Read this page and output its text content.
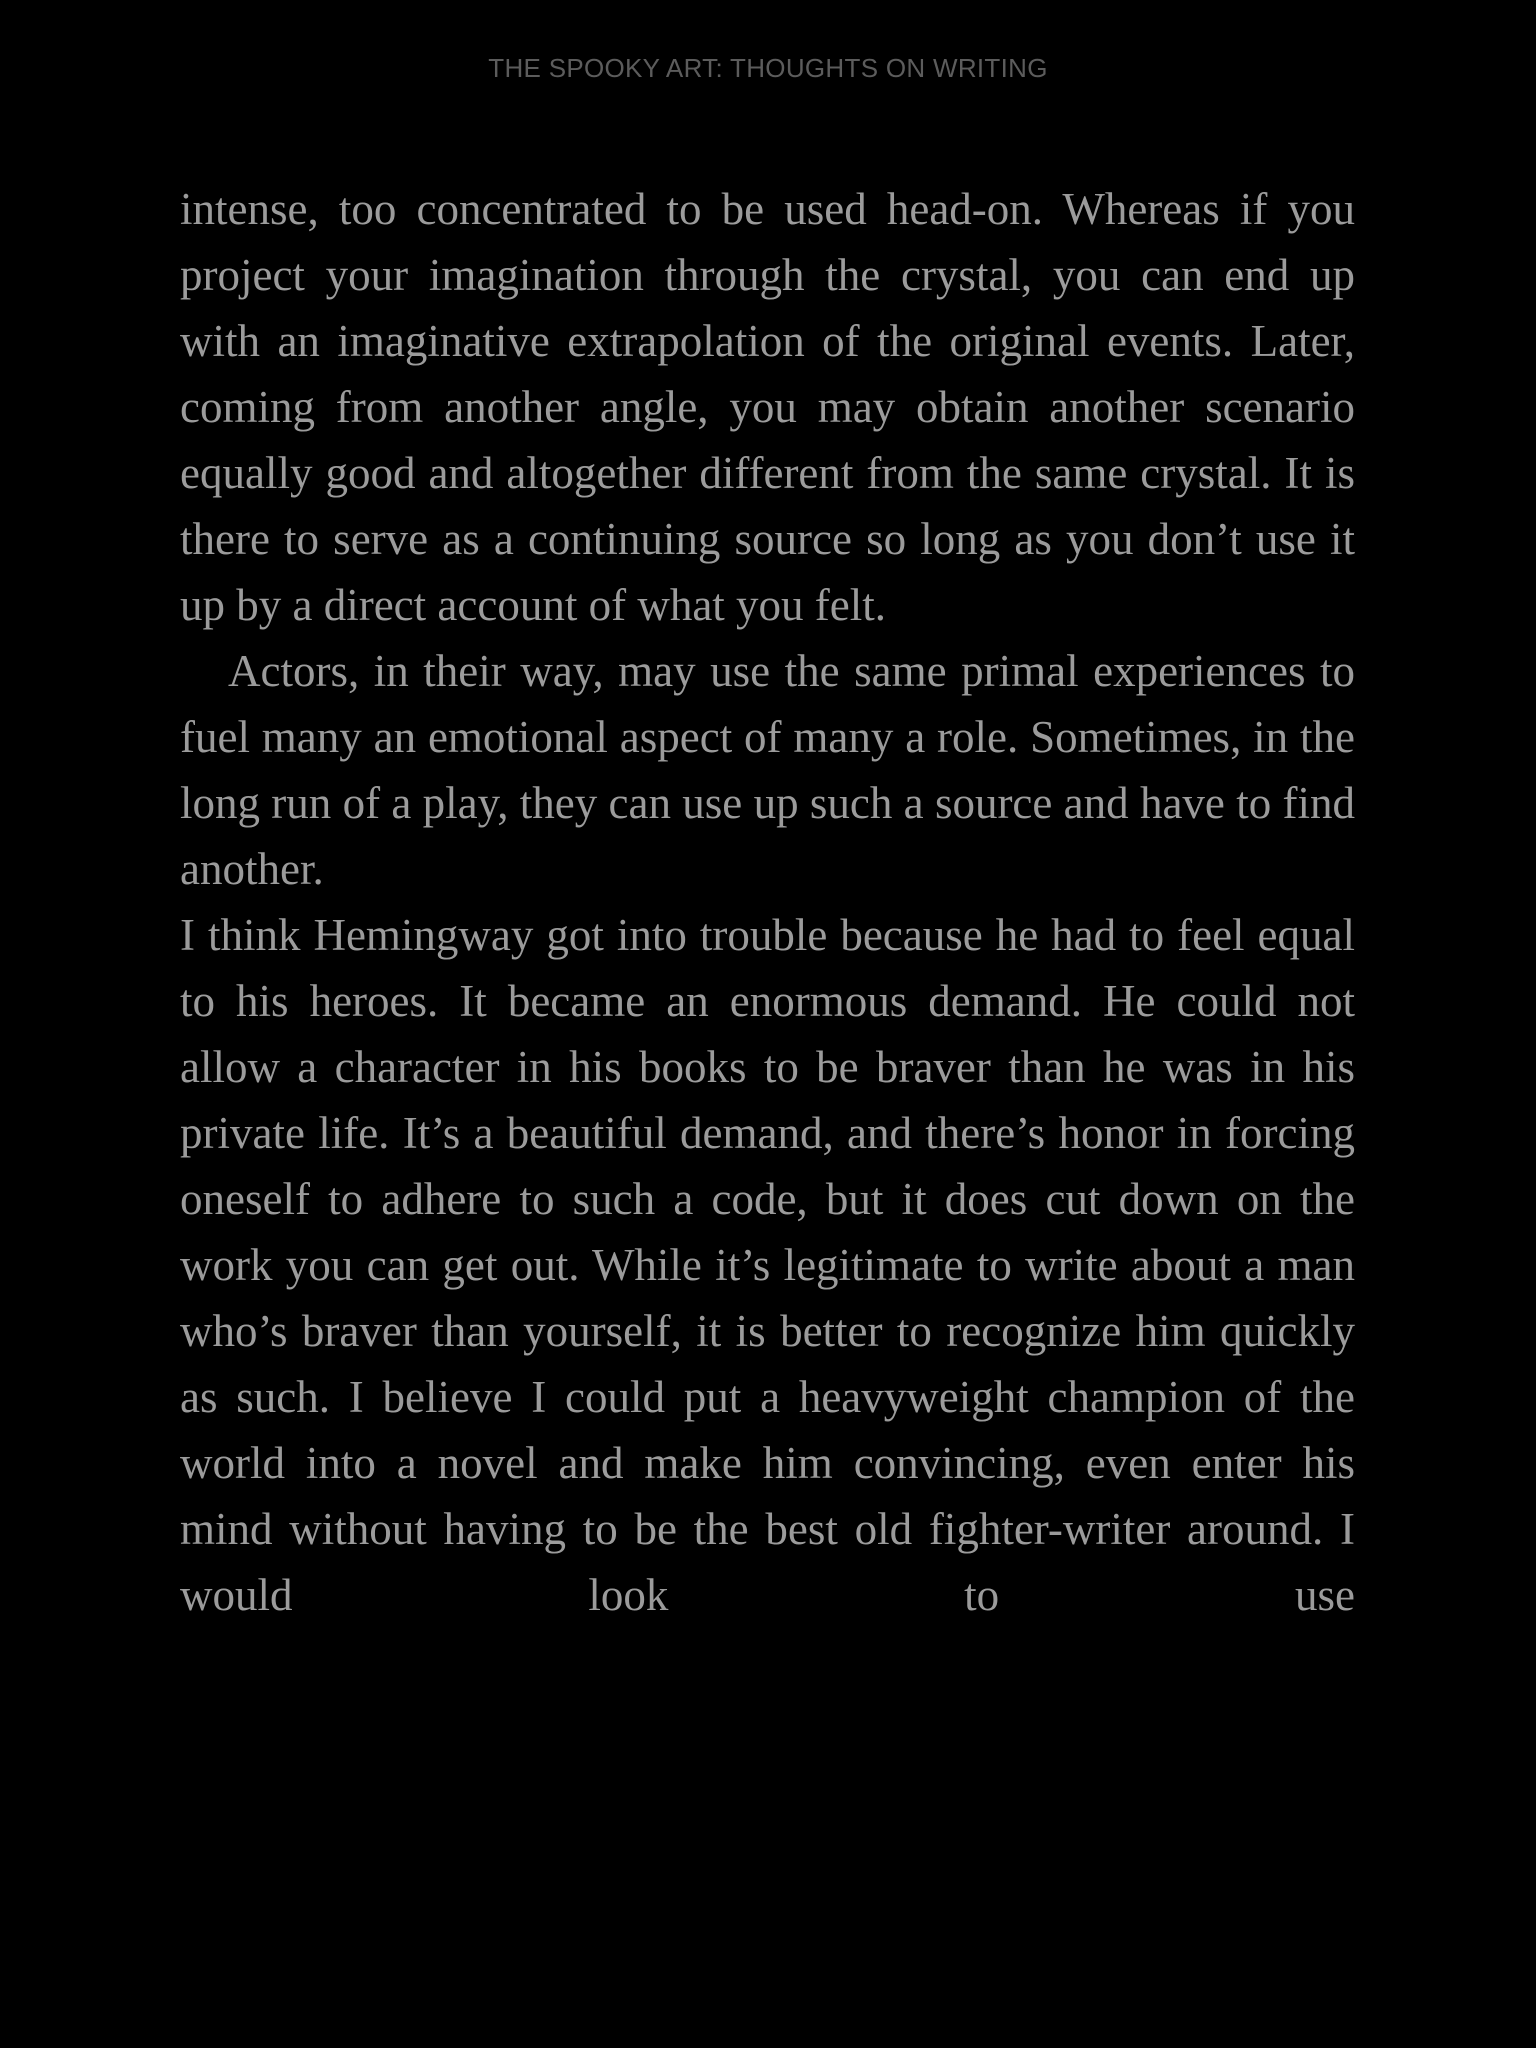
THE SPOOKY ART: THOUGHTS ON WRITING

intense, too concentrated to be used head-on. Whereas if you project your imagination through the crystal, you can end up with an imaginative extrapolation of the original events. Later, coming from another angle, you may obtain another scenario equally good and altogether different from the same crystal. It is there to serve as a continuing source so long as you don’t use it up by a direct account of what you felt.

Actors, in their way, may use the same primal experiences to fuel many an emotional aspect of many a role. Sometimes, in the long run of a play, they can use up such a source and have to find another.

I think Hemingway got into trouble because he had to feel equal to his heroes. It became an enormous demand. He could not allow a character in his books to be braver than he was in his private life. It’s a beautiful demand, and there’s honor in forcing oneself to adhere to such a code, but it does cut down on the work you can get out. While it’s legitimate to write about a man who’s braver than yourself, it is better to recognize him quickly as such. I believe I could put a heavyweight champion of the world into a novel and make him convincing, even enter his mind without having to be the best old fighter-writer around. I would look to use
